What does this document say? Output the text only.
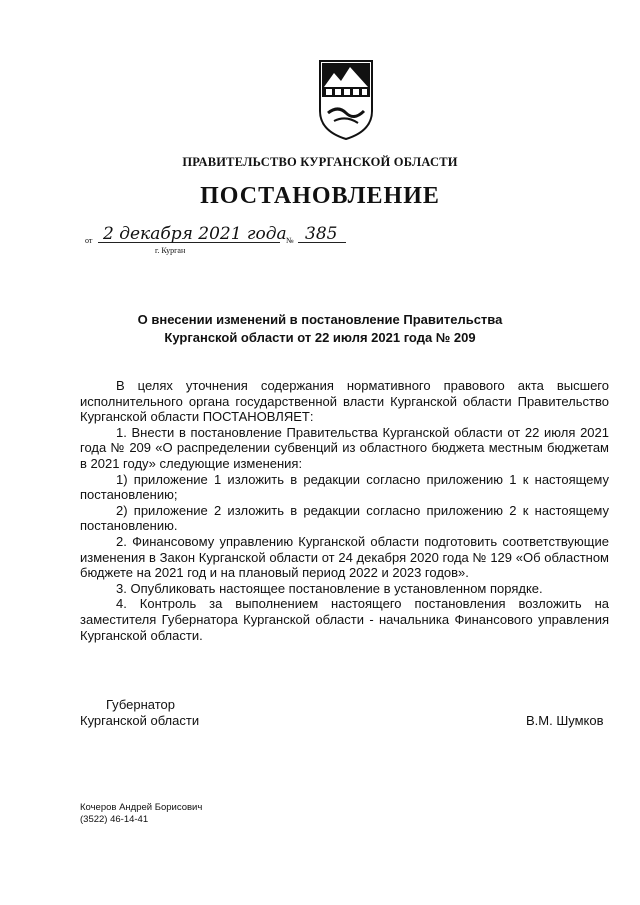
ПРАВИТЕЛЬСТВО КУРГАНСКОЙ ОБЛАСТИ
ПОСТАНОВЛЕНИЕ
от 2 декабря 2021 года № 385
г. Курган
О внесении изменений в постановление Правительства
Курганской области от 22 июля 2021 года № 209

В целях уточнения содержания нормативного правового акта высшего исполнительного органа государственной власти Курганской области Правительство Курганской области ПОСТАНОВЛЯЕТ:

1. Внести в постановление Правительства Курганской области от 22 июля 2021 года № 209 «О распределении субвенций из областного бюджета местным бюджетам в 2021 году» следующие изменения:

1) приложение 1 изложить в редакции согласно приложению 1 к настоящему постановлению;

2) приложение 2 изложить в редакции согласно приложению 2 к настоящему постановлению.

2. Финансовому управлению Курганской области подготовить соответствующие изменения в Закон Курганской области от 24 декабря 2020 года № 129 «Об областном бюджете на 2021 год и на плановый период 2022 и 2023 годов».

3. Опубликовать настоящее постановление в установленном порядке.

4. Контроль за выполнением настоящего постановления возложить на заместителя Губернатора Курганской области - начальника Финансового управления Курганской области.

Губернатор
Курганской области	В.М. Шумков
Кочеров Андрей Борисович
(3522) 46-14-41
